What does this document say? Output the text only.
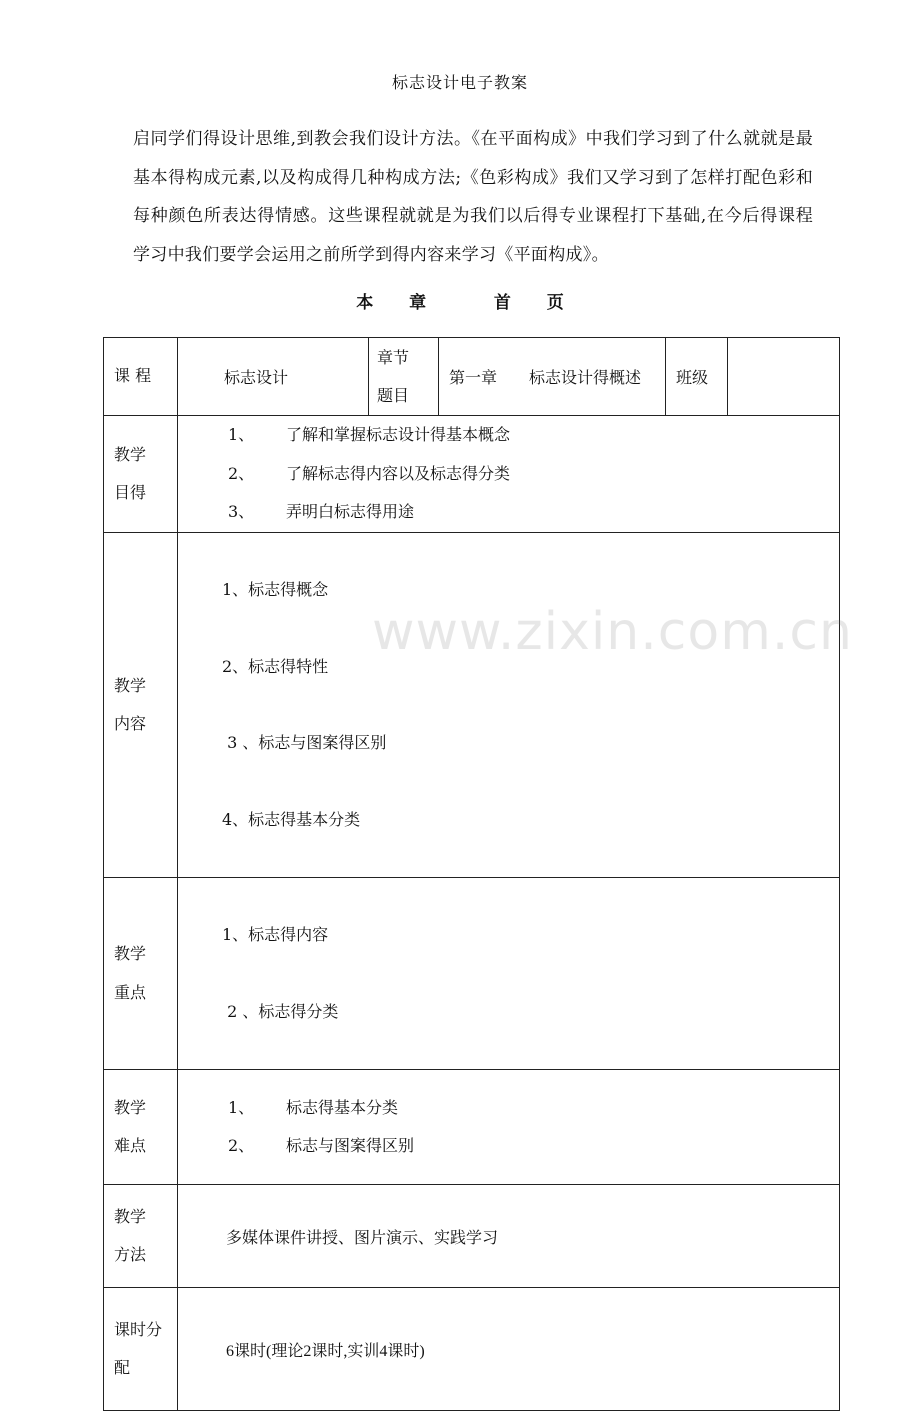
标志设计电子教案

启同学们得设计思维,到教会我们设计方法。《在平面构成》中我们学习到了什么就就是最基本得构成元素,以及构成得几种构成方法;《色彩构成》我们又学习到了怎样打配色彩和每种颜色所表达得情感。这些课程就就是为我们以后得专业课程打下基础,在今后得课程学习中我们要学会运用之前所学到得内容来学习《平面构成》。

本 章	首 页
课 程	标志设计	章节题目	第一章　　标志设计得概述	班级	

教学目得	1、 了解和掌握标志设计得基本概念
2、 了解标志得内容以及标志得分类
3、 弄明白标志得用途				

教学内容	1、标志得概念

2、标志得特性

3 、标志与图案得区别

4、标志得基本分类				

教学重点	1、标志得内容

2 、标志得分类				

教学难点	1、 标志得基本分类
2、 标志与图案得区别				

教学方法	多媒体课件讲授、图片演示、实践学习				

课时分配	6课时(理论2课时,实训4课时)				
www.zixin.com.cn
